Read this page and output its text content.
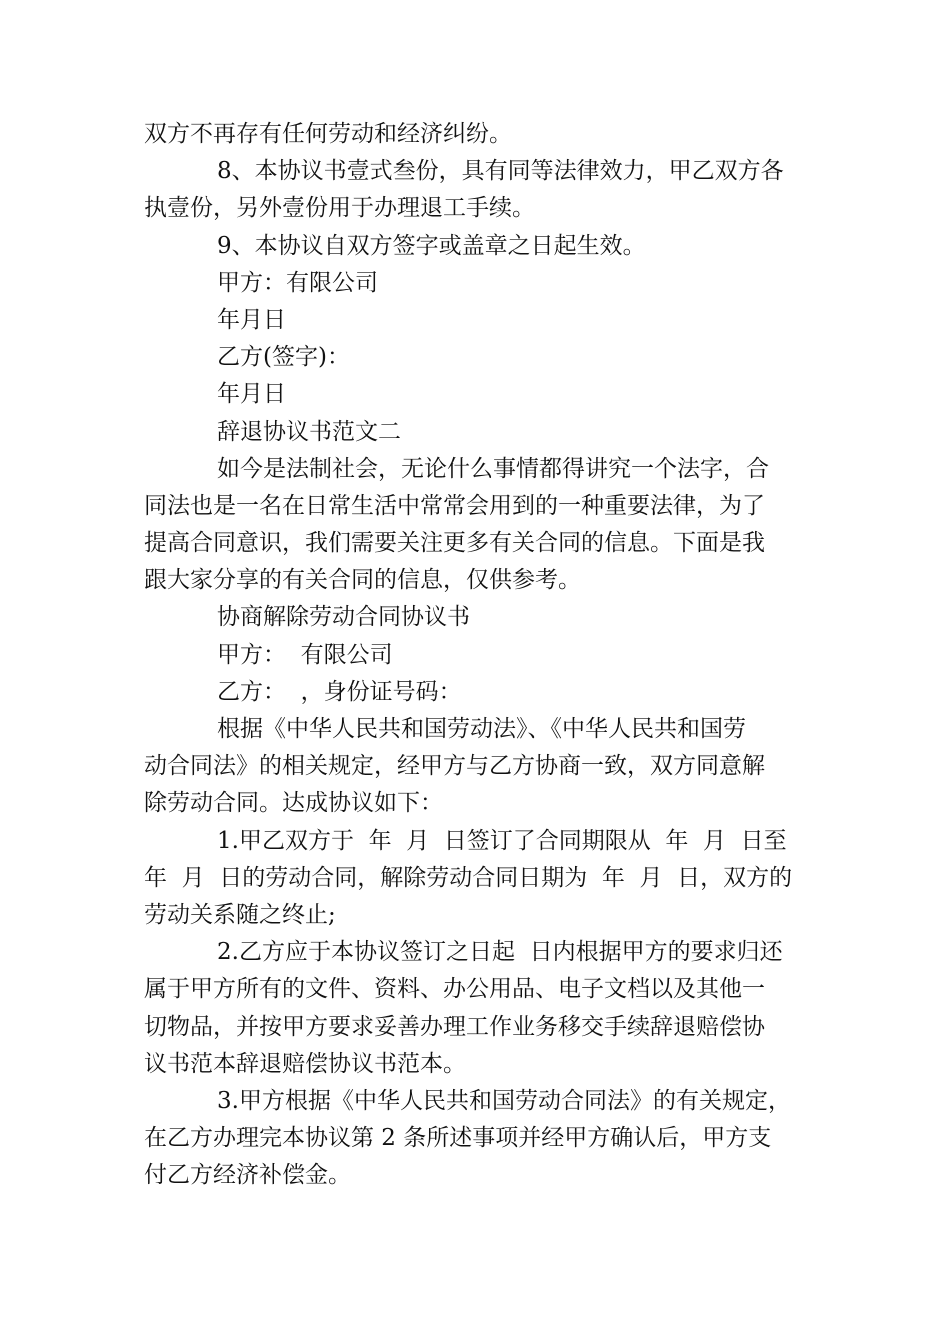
双方不再存有任何劳动和经济纠纷。
8、本协议书壹式叁份，具有同等法律效力，甲乙双方各
执壹份，另外壹份用于办理退工手续。
9、本协议自双方签字或盖章之日起生效。
甲方：有限公司
年月日
乙方(签字)：
年月日
辞退协议书范文二
如今是法制社会，无论什么事情都得讲究一个法字，合
同法也是一名在日常生活中常常会用到的一种重要法律，为了
提高合同意识，我们需要关注更多有关合同的信息。下面是我
跟大家分享的有关合同的信息，仅供参考。
协商解除劳动合同协议书
甲方：  有限公司
乙方：  ，身份证号码：
根据《中华人民共和国劳动法》、《中华人民共和国劳
动合同法》的相关规定，经甲方与乙方协商一致，双方同意解
除劳动合同。达成协议如下：
1.甲乙双方于  年  月  日签订了合同期限从  年  月  日至
年  月  日的劳动合同，解除劳动合同日期为  年  月  日，双方的
劳动关系随之终止;
2.乙方应于本协议签订之日起  日内根据甲方的要求归还
属于甲方所有的文件、资料、办公用品、电子文档以及其他一
切物品，并按甲方要求妥善办理工作业务移交手续辞退赔偿协
议书范本辞退赔偿协议书范本。
3.甲方根据《中华人民共和国劳动合同法》的有关规定，
在乙方办理完本协议第 2 条所述事项并经甲方确认后，甲方支
付乙方经济补偿金。
